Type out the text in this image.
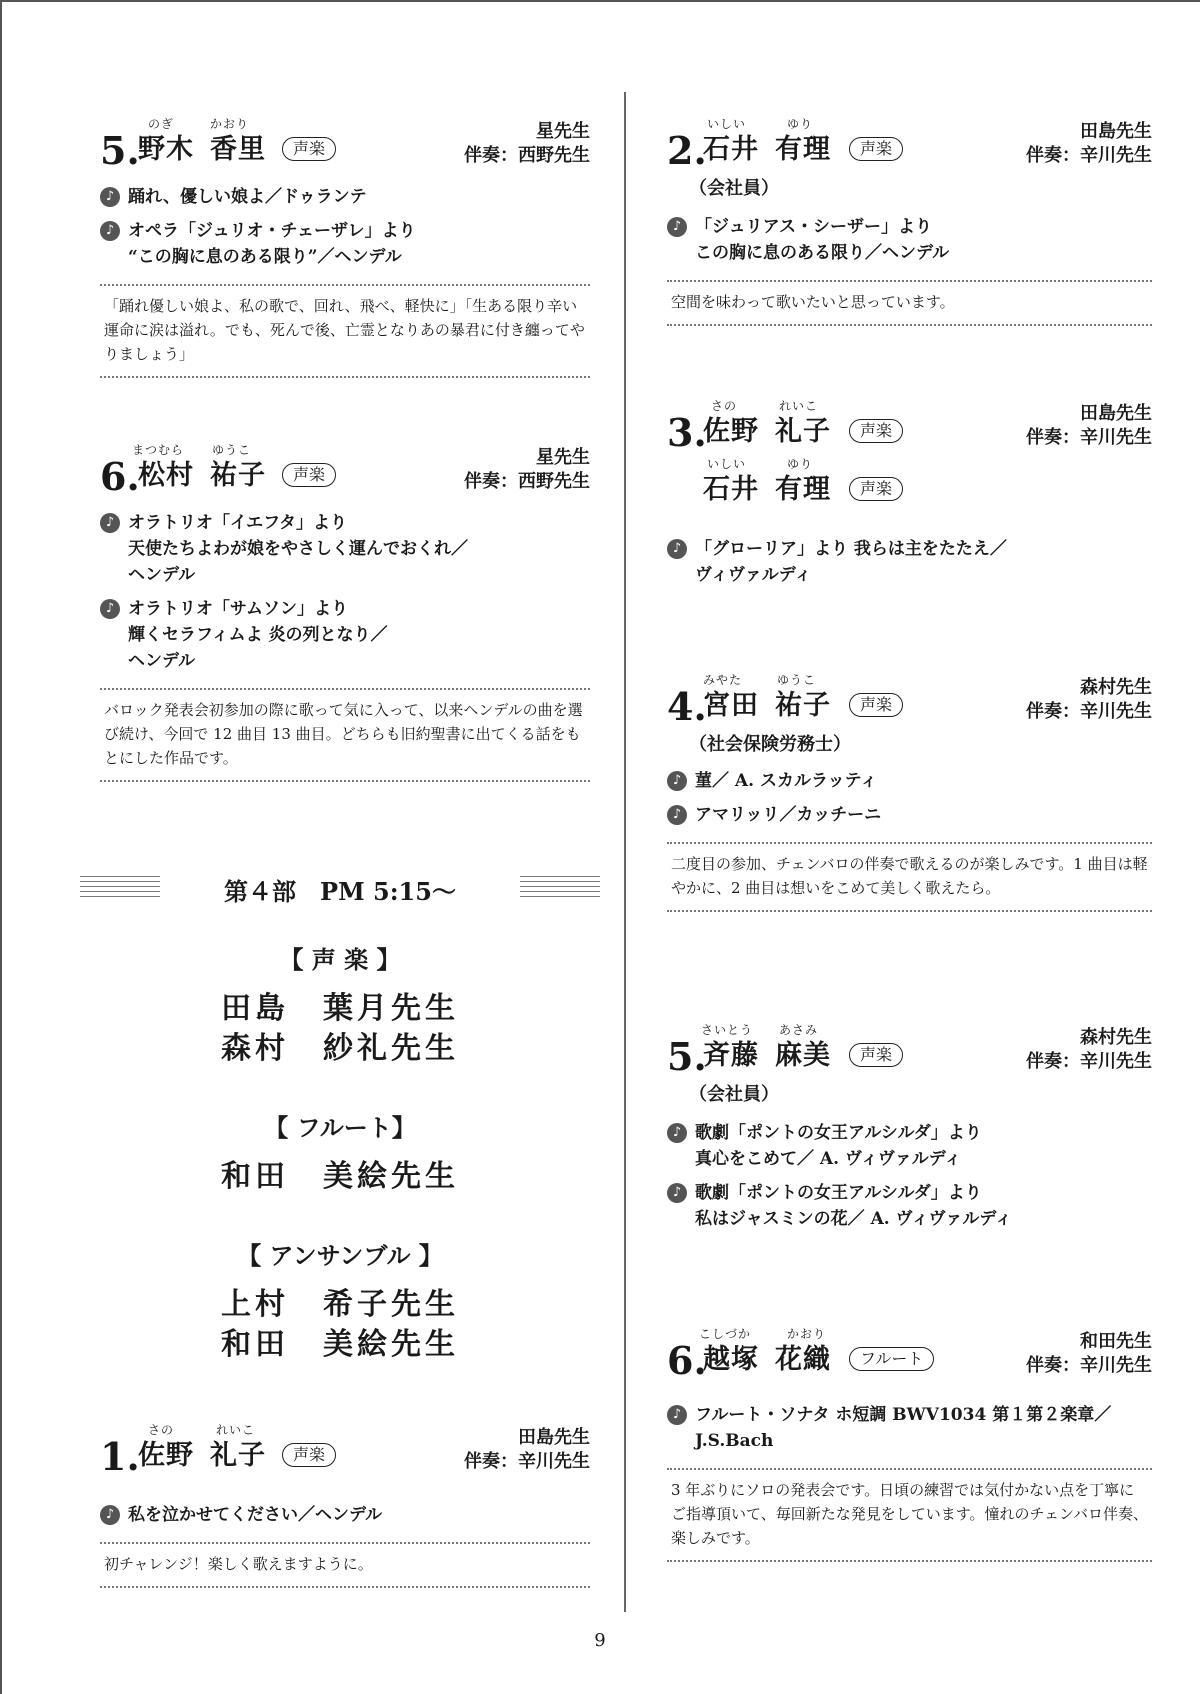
5.
のぎ	かおり
野木 香里	声楽
星先生
伴奏：西野先生
♪ 踊れ、優しい娘よ／ドゥランテ
♪ オペラ「ジュリオ・チェーザレ」より
“この胸に息のある限り”／ヘンデル
「踊れ優しい娘よ、私の歌で、回れ、飛べ、軽快に」「生ある限り辛い運命に涙は溢れ。でも、死んで後、亡霊となりあの暴君に付き纏ってやりましょう」
6.
まつむら ゆうこ
松村 祐子	声楽
星先生
伴奏：西野先生
♪ オラトリオ「イエフタ」より
天使たちよわが娘をやさしく運んでおくれ／
ヘンデル
♪ オラトリオ「サムソン」より
輝くセラフィムよ 炎の列となり／
ヘンデル
バロック発表会初参加の際に歌って気に入って、以来ヘンデルの曲を選び続け、今回で 12 曲目 13 曲目。どちらも旧約聖書に出てくる話をもとにした作品です。
第４部　PM 5:15〜
【 声 楽 】
田島　葉月先生
森村　紗礼先生
【 フルート】
和田　美絵先生
【 アンサンブル 】
上村　希子先生
和田　美絵先生
1.
さの	れいこ
佐野 礼子	声楽
田島先生
伴奏：辛川先生
♪ 私を泣かせてください／ヘンデル
初チャレンジ！楽しく歌えますように。
2.
いしい	ゆり
石井 有理	声楽
田島先生
伴奏：辛川先生
（会社員）
♪ 「ジュリアス・シーザー」より
この胸に息のある限り／ヘンデル
空間を味わって歌いたいと思っています。
3.
さの	れいこ
佐野 礼子	声楽
田島先生
伴奏：辛川先生
いしい	ゆり
石井 有理	声楽
♪ 「グローリア」より 我らは主をたたえ／
ヴィヴァルディ
4.
みやた	ゆうこ
宮田 祐子	声楽
森村先生
伴奏：辛川先生
（社会保険労務士）
♪ 菫／ A. スカルラッティ
♪ アマリッリ／カッチーニ
二度目の参加、チェンバロの伴奏で歌えるのが楽しみです。1 曲目は軽やかに、2 曲目は想いをこめて美しく歌えたら。
5.
さいとう あさみ
斉藤 麻美	声楽
森村先生
伴奏：辛川先生
（会社員）
♪ 歌劇「ポントの女王アルシルダ」より
真心をこめて／ A. ヴィヴァルディ
♪ 歌劇「ポントの女王アルシルダ」より
私はジャスミンの花／ A. ヴィヴァルディ
6.
こしづか	かおり
越塚 花織	フルート
和田先生
伴奏：辛川先生
♪ フルート・ソナタ ホ短調 BWV1034 第１第２楽章／
J.S.Bach
3 年ぶりにソロの発表会です。日頃の練習では気付かない点を丁寧にご指導頂いて、毎回新たな発見をしています。憧れのチェンバロ伴奏、楽しみです。
9
